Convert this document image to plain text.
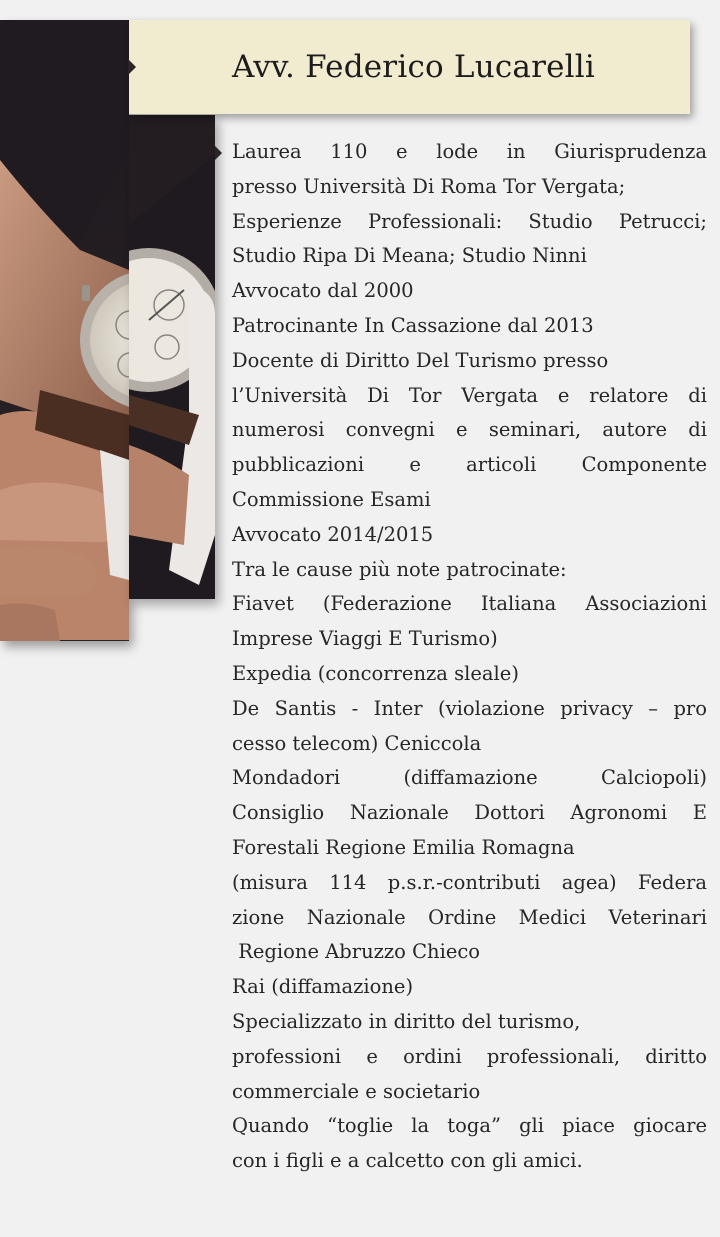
Avv. Federico Lucarelli
Laurea 110 e lode in Giurisprudenza
presso Università Di Roma Tor Vergata;
Esperienze Professionali: Studio Petrucci;
Studio Ripa Di Meana; Studio Ninni
Avvocato dal 2000
Patrocinante In Cassazione dal 2013
Docente di Diritto Del Turismo presso
l’Università Di Tor Vergata e relatore di
numerosi convegni e seminari, autore di
pubblicazioni e articoli Componente
Commissione Esami
Avvocato 2014/2015
Tra le cause più note patrocinate:
Fiavet (Federazione Italiana Associazioni
Imprese Viaggi E Turismo)
Expedia (concorrenza sleale)
De Santis - Inter (violazione privacy – pro
cesso telecom) Ceniccola
Mondadori (diffamazione Calciopoli)
Consiglio Nazionale Dottori Agronomi E
Forestali Regione Emilia Romagna
(misura 114 p.s.r.-contributi agea) Federa
zione Nazionale Ordine Medici Veterinari
Regione Abruzzo Chieco
Rai (diffamazione)
Specializzato in diritto del turismo,
professioni e ordini professionali, diritto
commerciale e societario
Quando “toglie la toga” gli piace giocare
con i figli e a calcetto con gli amici.
